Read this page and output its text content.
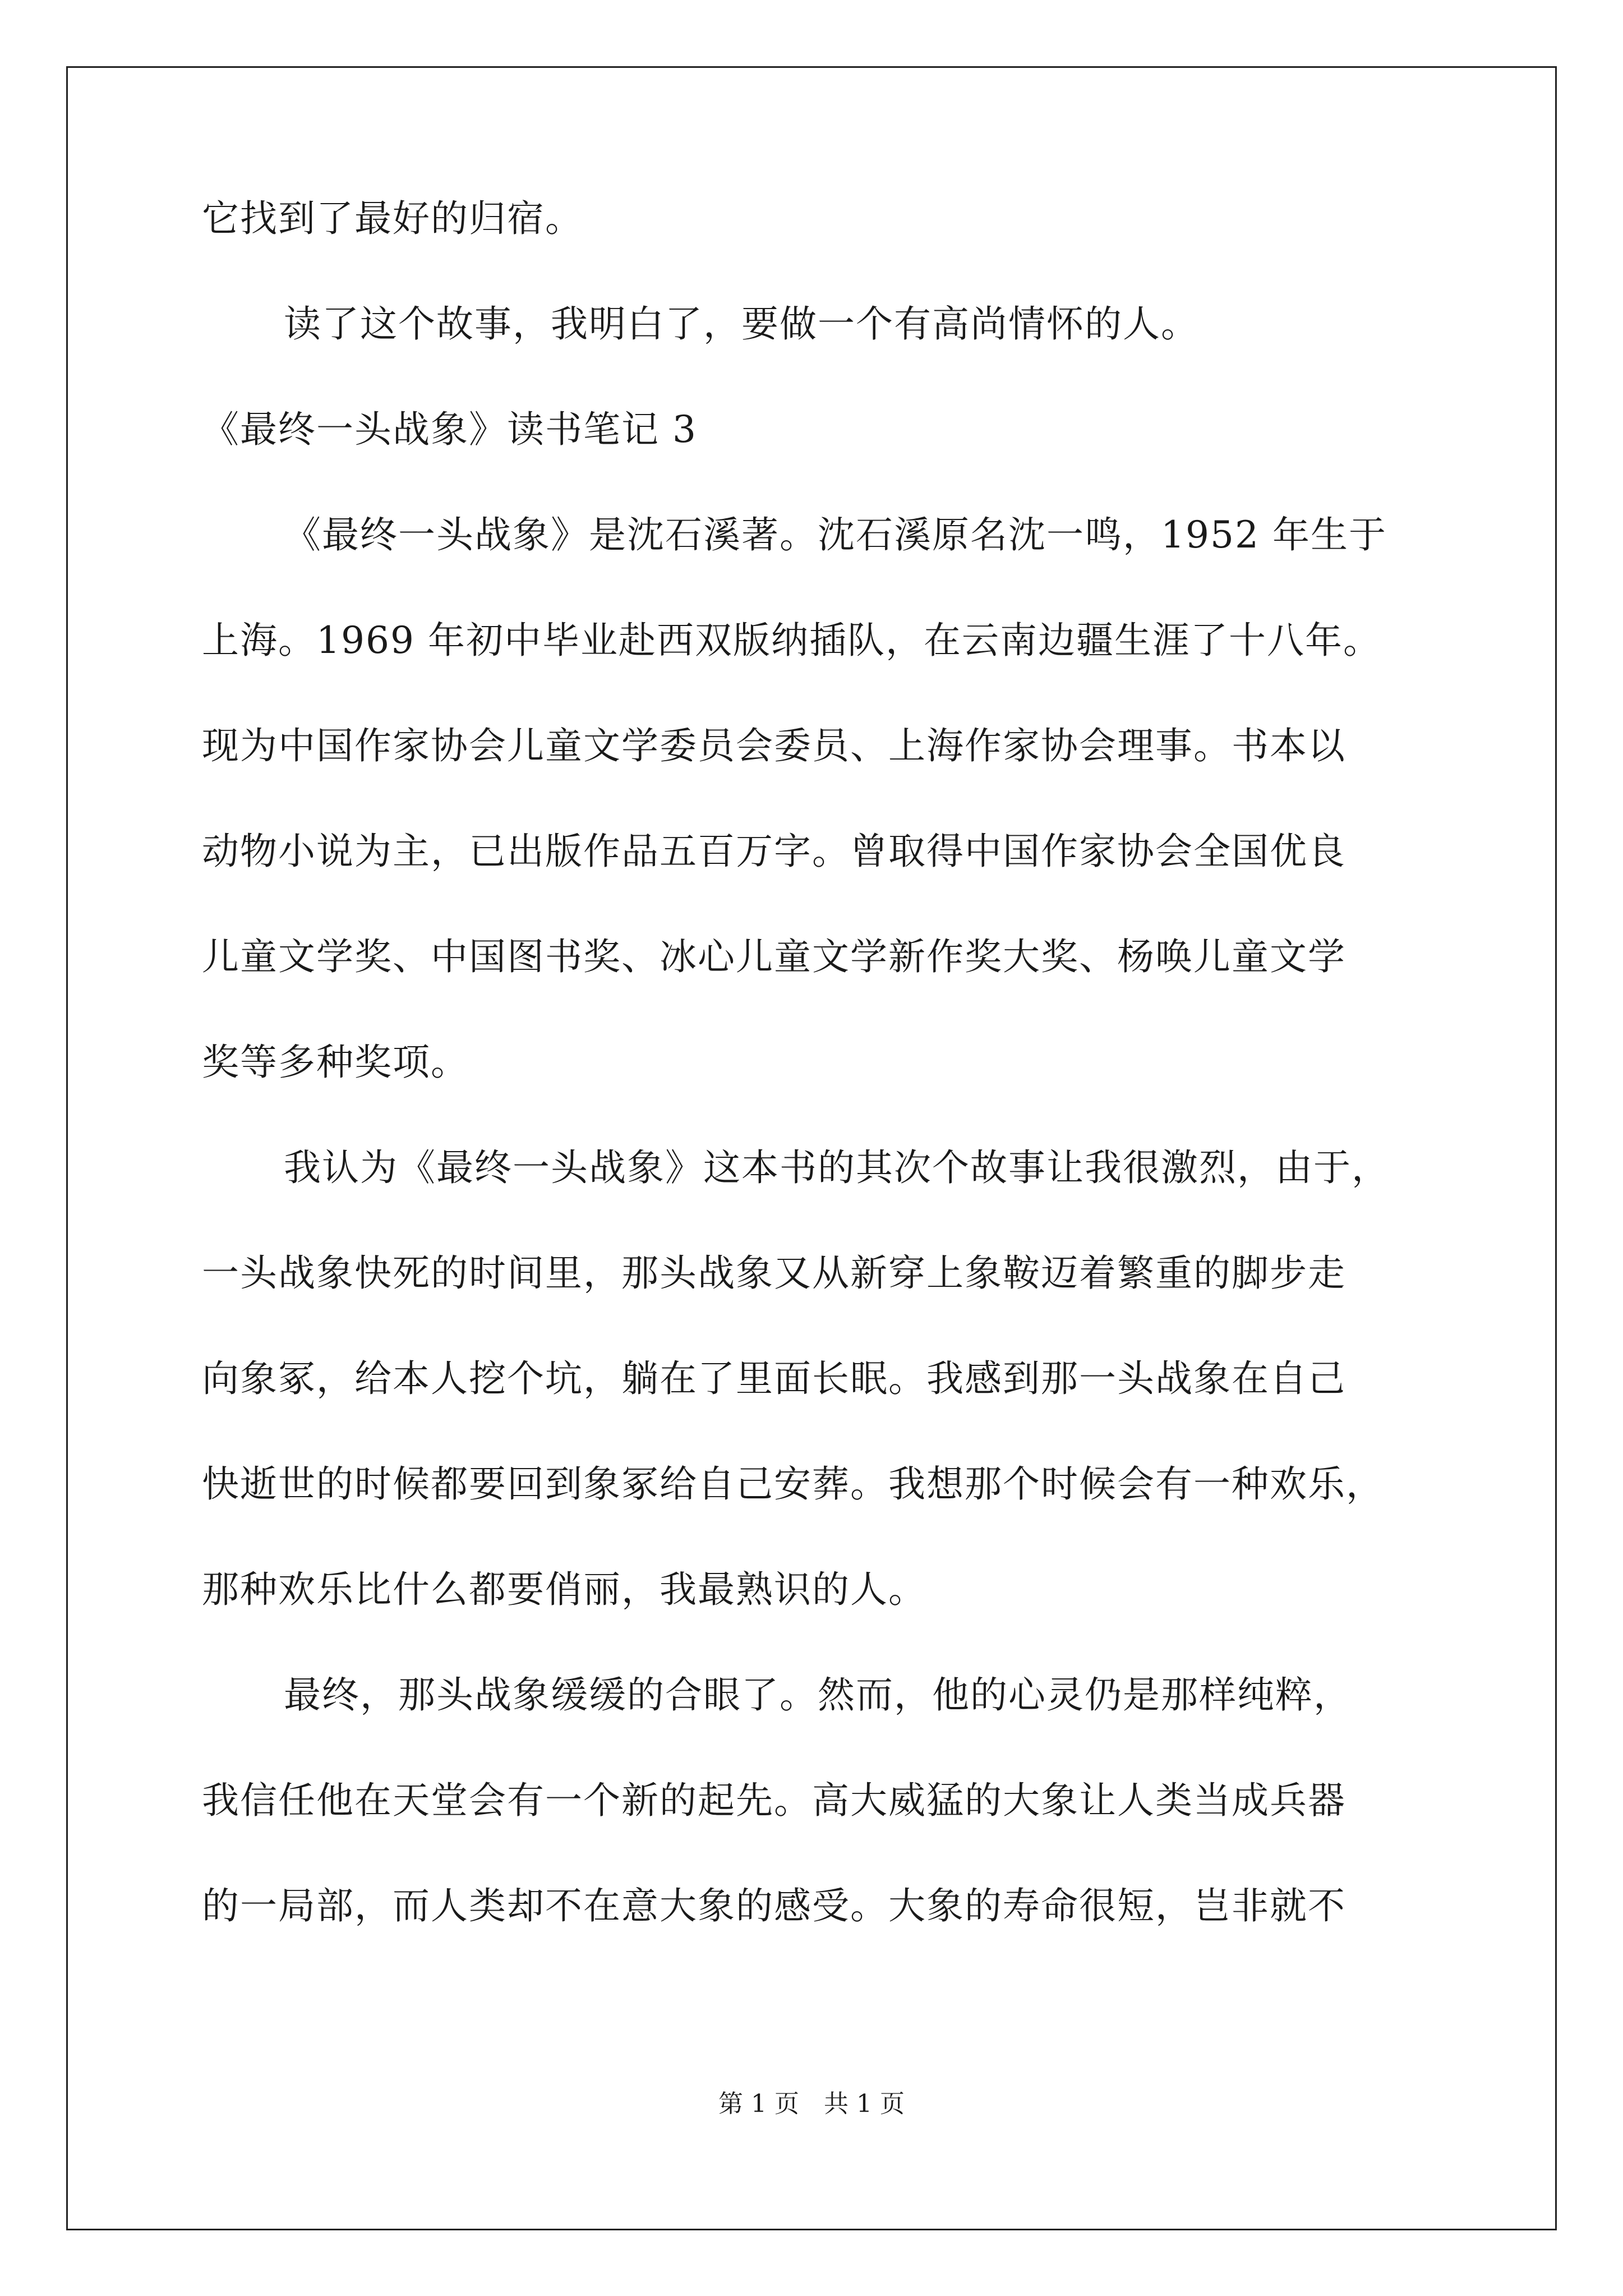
它找到了最好的归宿。
读了这个故事，我明白了，要做一个有高尚情怀的人。
《最终一头战象》读书笔记 3
《最终一头战象》是沈石溪著。沈石溪原名沈一鸣，1952 年生于
上海。1969 年初中毕业赴西双版纳插队，在云南边疆生涯了十八年。
现为中国作家协会儿童文学委员会委员、上海作家协会理事。书本以
动物小说为主，已出版作品五百万字。曾取得中国作家协会全国优良
儿童文学奖、中国图书奖、冰心儿童文学新作奖大奖、杨唤儿童文学
奖等多种奖项。
我认为《最终一头战象》这本书的其次个故事让我很激烈，由于，
一头战象快死的时间里，那头战象又从新穿上象鞍迈着繁重的脚步走
向象冢，给本人挖个坑，躺在了里面长眠。我感到那一头战象在自己
快逝世的时候都要回到象冢给自己安葬。我想那个时候会有一种欢乐，
那种欢乐比什么都要俏丽，我最熟识的人。
最终，那头战象缓缓的合眼了。然而，他的心灵仍是那样纯粹，
我信任他在天堂会有一个新的起先。高大威猛的大象让人类当成兵器
的一局部，而人类却不在意大象的感受。大象的寿命很短，岂非就不
第 1 页　共 1 页
